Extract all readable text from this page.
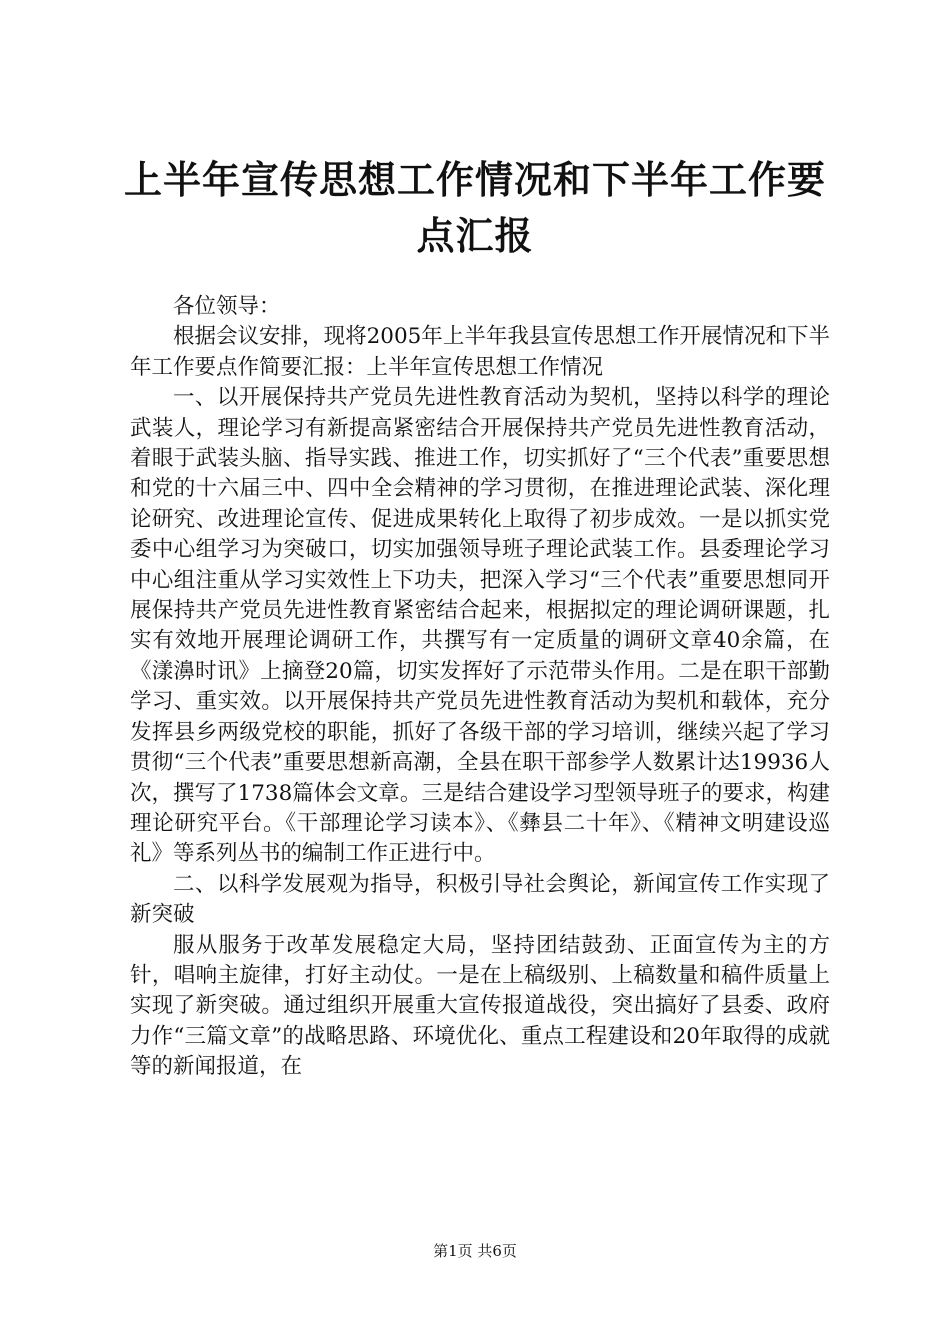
上半年宣传思想工作情况和下半年工作要点汇报

各位领导：

根据会议安排，现将2005年上半年我县宣传思想工作开展情况和下半年工作要点作简要汇报：上半年宣传思想工作情况

一、以开展保持共产党员先进性教育活动为契机，坚持以科学的理论武装人，理论学习有新提高紧密结合开展保持共产党员先进性教育活动，着眼于武装头脑、指导实践、推进工作，切实抓好了“三个代表”重要思想和党的十六届三中、四中全会精神的学习贯彻，在推进理论武装、深化理论研究、改进理论宣传、促进成果转化上取得了初步成效。一是以抓实党委中心组学习为突破口，切实加强领导班子理论武装工作。县委理论学习中心组注重从学习实效性上下功夫，把深入学习“三个代表”重要思想同开展保持共产党员先进性教育紧密结合起来，根据拟定的理论调研课题，扎实有效地开展理论调研工作，共撰写有一定质量的调研文章40余篇，在《漾濞时讯》上摘登20篇，切实发挥好了示范带头作用。二是在职干部勤学习、重实效。以开展保持共产党员先进性教育活动为契机和载体，充分发挥县乡两级党校的职能，抓好了各级干部的学习培训，继续兴起了学习贯彻“三个代表”重要思想新高潮，全县在职干部参学人数累计达19936人次，撰写了1738篇体会文章。三是结合建设学习型领导班子的要求，构建理论研究平台。《干部理论学习读本》、《彝县二十年》、《精神文明建设巡礼》等系列丛书的编制工作正进行中。

二、以科学发展观为指导，积极引导社会舆论，新闻宣传工作实现了新突破

服从服务于改革发展稳定大局，坚持团结鼓劲、正面宣传为主的方针，唱响主旋律，打好主动仗。一是在上稿级别、上稿数量和稿件质量上实现了新突破。通过组织开展重大宣传报道战役，突出搞好了县委、政府力作“三篇文章”的战略思路、环境优化、重点工程建设和20年取得的成就等的新闻报道，在

第1页 共6页
